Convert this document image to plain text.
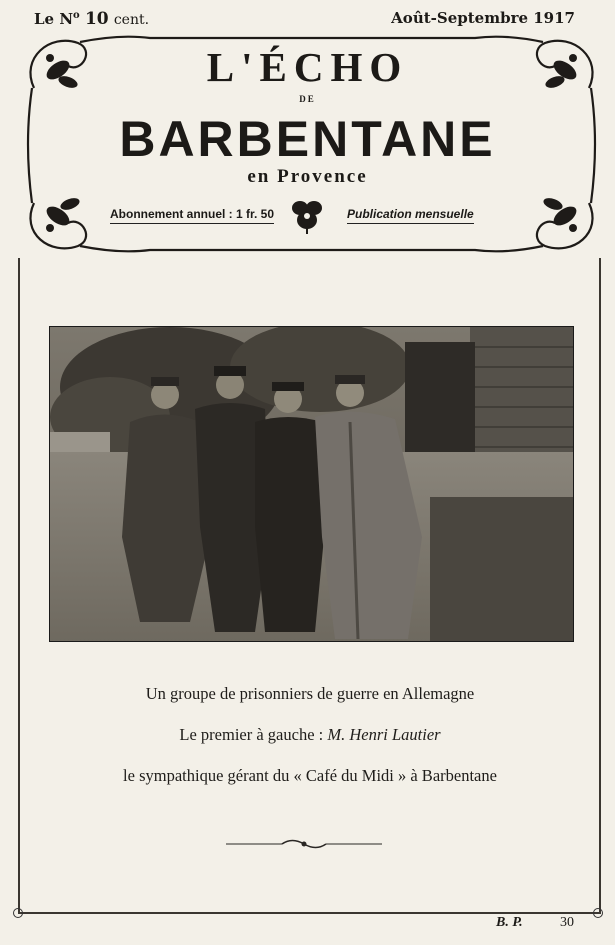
Le $N^o$ 10 cent.	Août-Septembre 1917
L'ÉCHO
DE
BARBENTANE
en Provence
Abonnement annuel : 1 fr. 50	Publication mensuelle
Un groupe de prisonniers de guerre en Allemagne
Le premier à gauche : M. Henri Lautier
le sympathique gérant du « Café du Midi » à Barbentane
B. P.	30
